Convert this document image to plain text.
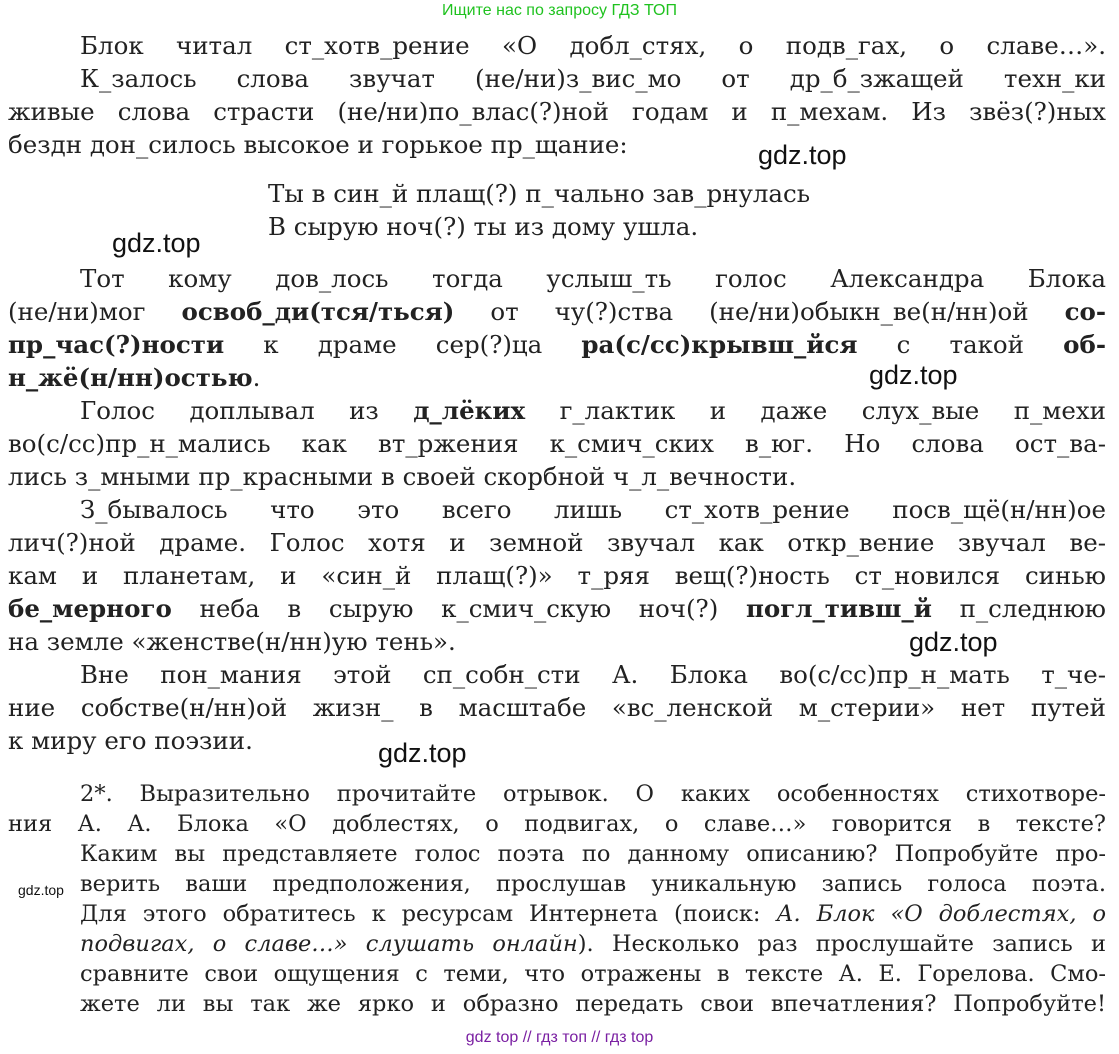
Ищите нас по запросу ГДЗ ТОП
Блок читал ст_хотв_рение «О добл_стях, о подв_гах, о славе…».
К_залось слова звучат (не/ни)з_вис_мо от др_б_зжащей техн_ки
живые слова страсти (не/ни)по_влас(?)ной годам и п_мехам. Из звёз(?)ных
бездн дон_силось высокое и горькое пр_щание:
Ты в син_й плащ(?) п_чально зав_рнулась
В сырую ноч(?) ты из дому ушла.
Тот кому дов_лось тогда услыш_ть голос Александра Блока
(не/ни)мог освоб_ди(тся/ться) от чу(?)ства (не/ни)обыкн_ве(н/нн)ой со-
пр_час(?)ности к драме сер(?)ца ра(с/сс)крывш_йся с такой об-
н_жё(н/нн)остью.
Голос доплывал из д_лёких г_лактик и даже слух_вые п_мехи
во(с/сс)пр_н_мались как вт_ржения к_смич_ских в_юг. Но слова ост_ва-
лись з_мными пр_красными в своей скорбной ч_л_вечности.
З_бывалось что это всего лишь ст_хотв_рение посв_щё(н/нн)ое
лич(?)ной драме. Голос хотя и земной звучал как откр_вение звучал ве-
кам и планетам, и «син_й плащ(?)» т_ряя вещ(?)ность ст_новился синью
бе_мерного неба в сырую к_смич_скую ноч(?) погл_тивш_й п_следнюю
на земле «женстве(н/нн)ую тень».
Вне пон_мания этой сп_собн_сти А. Блока во(с/сс)пр_н_мать т_че-
ние собстве(н/нн)ой жизн_ в масштабе «вс_ленской м_стерии» нет путей
к миру его поэзии.
2*. Выразительно прочитайте отрывок. О каких особенностях стихотворе-
ния А. А. Блока «О доблестях, о подвигах, о славе…» говорится в тексте?
Каким вы представляете голос поэта по данному описанию? Попробуйте про-
верить ваши предположения, прослушав уникальную запись голоса поэта.
Для этого обратитесь к ресурсам Интернета (поиск: А. Блок «О доблестях, о
подвигах, о славе…» слушать онлайн). Несколько раз прослушайте запись и
сравните свои ощущения с теми, что отражены в тексте А. Е. Горелова. Смо-
жете ли вы так же ярко и образно передать свои впечатления? Попробуйте!
gdz.top
gdz.top
gdz.top
gdz.top
gdz.top
gdz.top
gdz top // гдз топ // гдз top
